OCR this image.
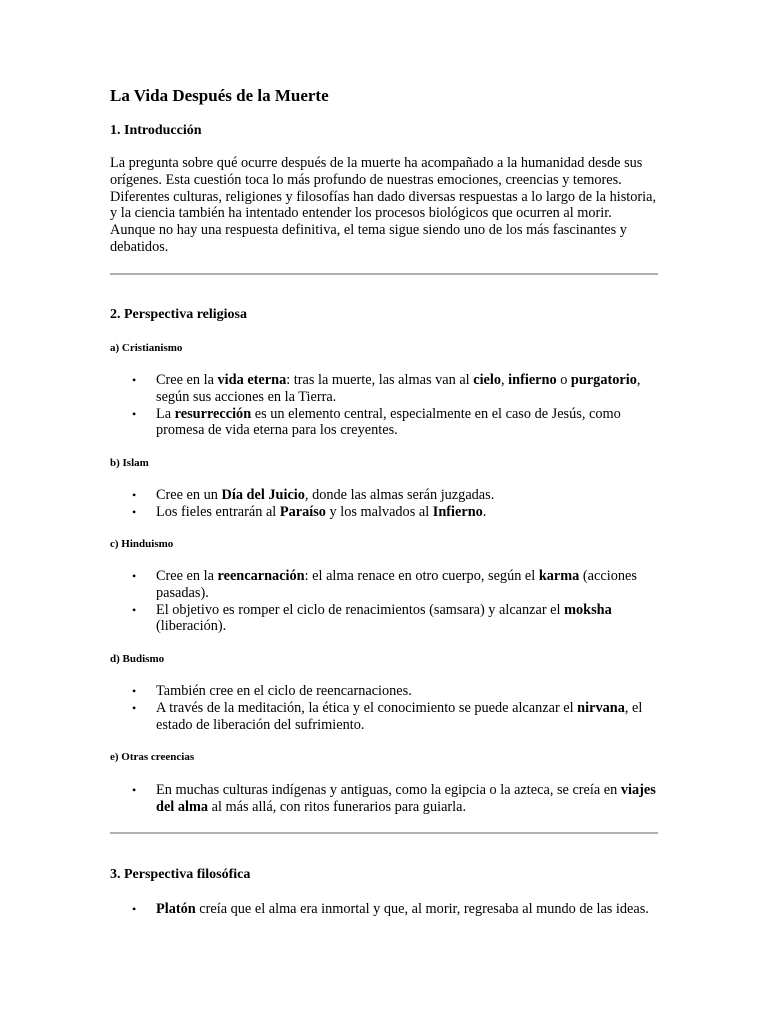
La Vida Después de la Muerte
1. Introducción

La pregunta sobre qué ocurre después de la muerte ha acompañado a la humanidad desde sus orígenes. Esta cuestión toca lo más profundo de nuestras emociones, creencias y temores. Diferentes culturas, religiones y filosofías han dado diversas respuestas a lo largo de la historia, y la ciencia también ha intentado entender los procesos biológicos que ocurren al morir. Aunque no hay una respuesta definitiva, el tema sigue siendo uno de los más fascinantes y debatidos.

2. Perspectiva religiosa
a) Cristianismo
• Cree en la vida eterna: tras la muerte, las almas van al cielo, infierno o purgatorio, según sus acciones en la Tierra.
• La resurrección es un elemento central, especialmente en el caso de Jesús, como promesa de vida eterna para los creyentes.
b) Islam
• Cree en un Día del Juicio, donde las almas serán juzgadas.
• Los fieles entrarán al Paraíso y los malvados al Infierno.
c) Hinduismo
• Cree en la reencarnación: el alma renace en otro cuerpo, según el karma (acciones pasadas).
• El objetivo es romper el ciclo de renacimientos (samsara) y alcanzar el moksha (liberación).
d) Budismo
• También cree en el ciclo de reencarnaciones.
• A través de la meditación, la ética y el conocimiento se puede alcanzar el nirvana, el estado de liberación del sufrimiento.
e) Otras creencias
• En muchas culturas indígenas y antiguas, como la egipcia o la azteca, se creía en viajes del alma al más allá, con ritos funerarios para guiarla.
3. Perspectiva filosófica
• Platón creía que el alma era inmortal y que, al morir, regresaba al mundo de las ideas.
